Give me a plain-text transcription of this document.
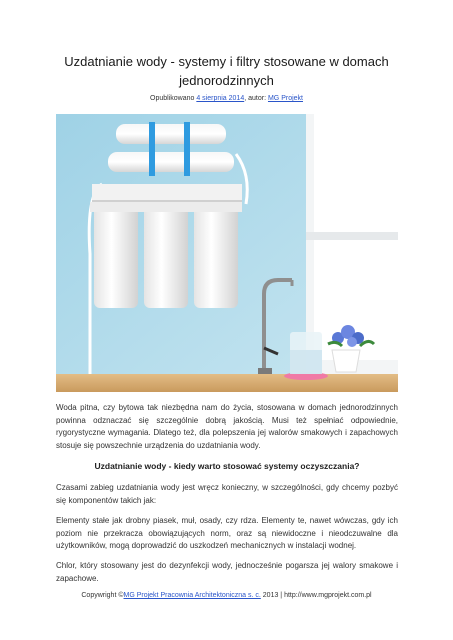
Uzdatnianie wody - systemy i filtry stosowane w domach jednorodzinnych
Opublikowano 4 sierpnia 2014, autor: MG Projekt

Woda pitna, czy bytowa tak niezbędna nam do życia, stosowana w domach jednorodzinnych powinna odznaczać się szczególnie dobrą jakością. Musi też spełniać odpowiednie, rygorystyczne wymagania. Dlatego też, dla polepszenia jej walorów smakowych i zapachowych stosuje się powszechnie urządzenia do uzdatniania wody.

Uzdatnianie wody - kiedy warto stosować systemy oczyszczania?

Czasami zabieg uzdatniania wody jest wręcz konieczny, w szczególności, gdy chcemy pozbyć się komponentów takich jak:

Elementy stałe jak drobny piasek, muł, osady, czy rdza. Elementy te, nawet wówczas, gdy ich poziom nie przekracza obowiązujących norm, oraz są niewidoczne i nieodczuwalne dla użytkowników, mogą doprowadzić do uszkodzeń mechanicznych w instalacji wodnej.

Chlor, który stosowany jest do dezynfekcji wody, jednocześnie pogarsza jej walory smakowe i zapachowe.

Copywright ©MG Projekt Pracownia Architektoniczna s. c. 2013 | http://www.mgprojekt.com.pl
